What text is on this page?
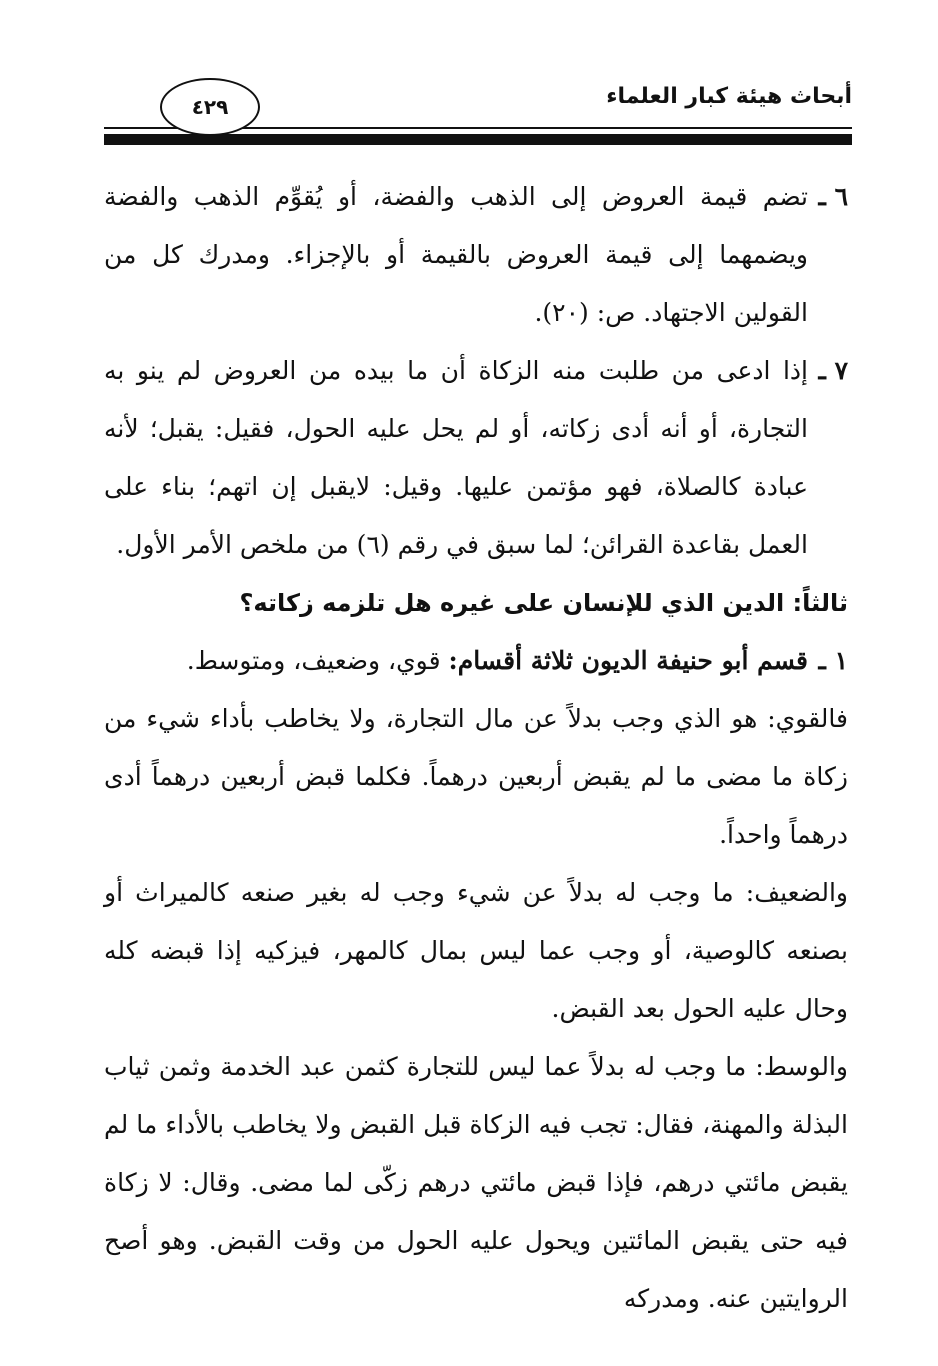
أبحاث هيئة كبار العلماء
٤٢٩

٦ ـ
تضم قيمة العروض إلى الذهب والفضة، أو يُقوِّم الذهب والفضة ويضمهما إلى قيمة العروض بالقيمة أو بالإجزاء. ومدرك كل من القولين الاجتهاد. ص: (٢٠).

٧ ـ
إذا ادعى من طلبت منه الزكاة أن ما بيده من العروض لم ينو به التجارة، أو أنه أدى زكاته، أو لم يحل عليه الحول، فقيل: يقبل؛ لأنه عبادة كالصلاة، فهو مؤتمن عليها. وقيل: لايقبل إن اتهم؛ بناء على العمل بقاعدة القرائن؛ لما سبق في رقم (٦) من ملخص الأمر الأول.

ثالثاً: الدين الذي للإنسان على غيره هل تلزمه زكاته؟

١ ـ
قسم أبو حنيفة الديون ثلاثة أقسام: قوي، وضعيف، ومتوسط.

فالقوي: هو الذي وجب بدلاً عن مال التجارة، ولا يخاطب بأداء شيء من زكاة ما مضى ما لم يقبض أربعين درهماً. فكلما قبض أربعين درهماً أدى درهماً واحداً.

والضعيف: ما وجب له بدلاً عن شيء وجب له بغير صنعه كالميراث أو بصنعه كالوصية، أو وجب عما ليس بمال كالمهر، فيزكيه إذا قبضه كله وحال عليه الحول بعد القبض.

والوسط: ما وجب له بدلاً عما ليس للتجارة كثمن عبد الخدمة وثمن ثياب البذلة والمهنة، فقال: تجب فيه الزكاة قبل القبض ولا يخاطب بالأداء ما لم يقبض مائتي درهم، فإذا قبض مائتي درهم زكّى لما مضى. وقال: لا زكاة فيه حتى يقبض المائتين ويحول عليه الحول من وقت القبض. وهو أصح الروايتين عنه. ومدركه
